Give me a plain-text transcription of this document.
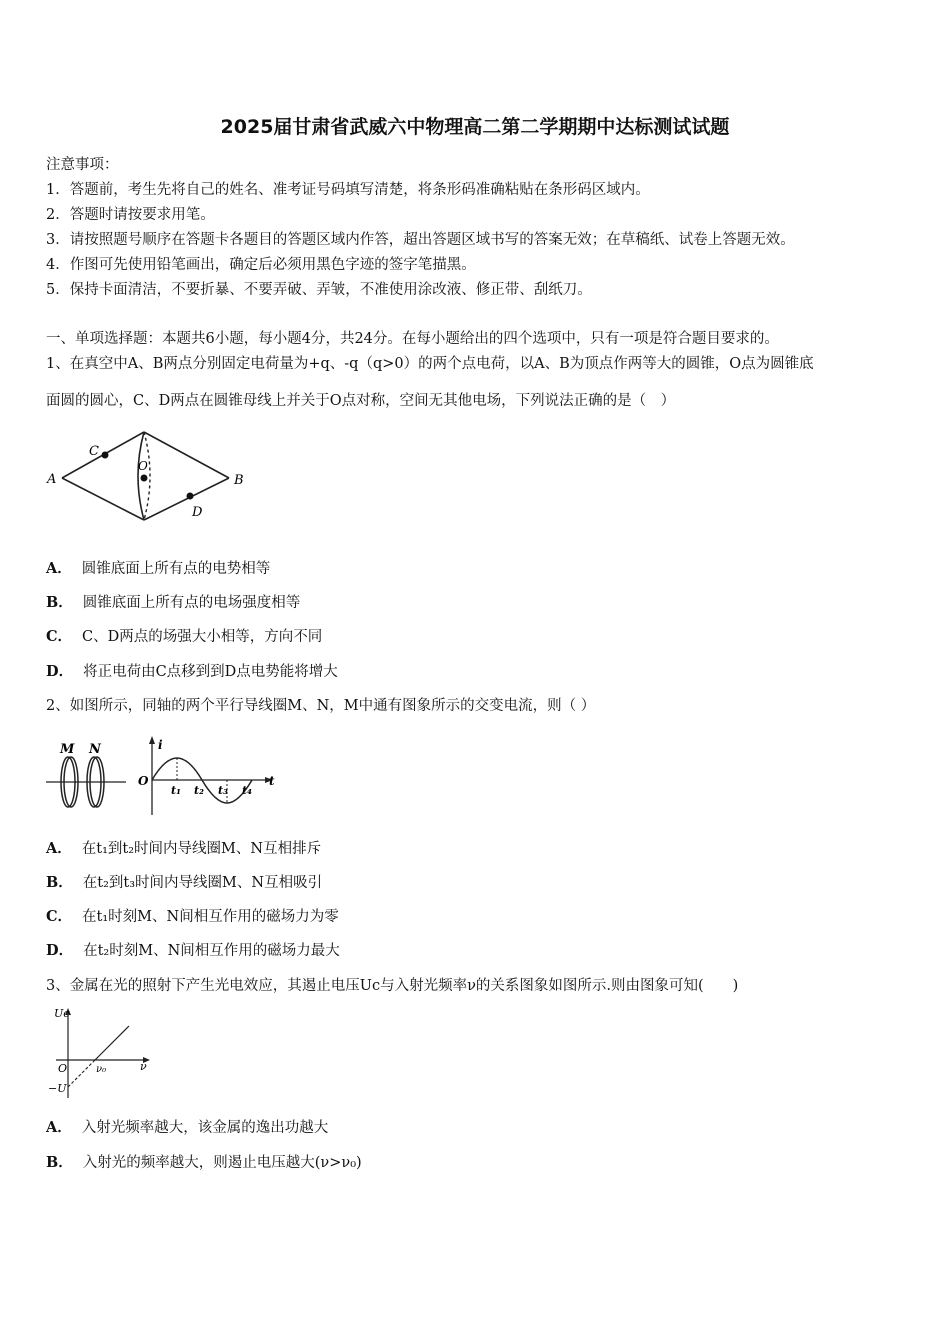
2025届甘肃省武威六中物理高二第二学期期中达标测试试题
注意事项：
1．答题前，考生先将自己的姓名、准考证号码填写清楚，将条形码准确粘贴在条形码区域内。
2．答题时请按要求用笔。
3．请按照题号顺序在答题卡各题目的答题区域内作答，超出答题区域书写的答案无效；在草稿纸、试卷上答题无效。
4．作图可先使用铅笔画出，确定后必须用黑色字迹的签字笔描黑。
5．保持卡面清洁，不要折暴、不要弄破、弄皱，不准使用涂改液、修正带、刮纸刀。
一、单项选择题：本题共6小题，每小题4分，共24分。在每小题给出的四个选项中，只有一项是符合题目要求的。
1、在真空中A、B两点分别固定电荷量为+q、-q（q>0）的两个点电荷，以A、B为顶点作两等大的圆锥，O点为圆锥底
面圆的圆心，C、D两点在圆锥母线上并关于O点对称，空间无其他电场，下列说法正确的是（　）
A	B
C
D
O
A． 圆锥底面上所有点的电势相等
B． 圆锥底面上所有点的电场强度相等
C． C、D两点的场强大小相等，方向不同
D． 将正电荷由C点移到到D点电势能将增大
2、如图所示，同轴的两个平行导线圈M、N，M中通有图象所示的交变电流，则（ ）
M N	i
O	t
t₁ t₂ t₃ t₄
A． 在t₁到t₂时间内导线圈M、N互相排斥
B． 在t₂到t₃时间内导线圈M、N互相吸引
C． 在t₁时刻M、N间相互作用的磁场力为零
D． 在t₂时刻M、N间相互作用的磁场力最大
3、金属在光的照射下产生光电效应，其遏止电压Uc与入射光频率ν的关系图象如图所示.则由图象可知(　　)
Uc
O	ν₀	ν
−U
A． 入射光频率越大，该金属的逸出功越大
B． 入射光的频率越大，则遏止电压越大(ν>ν₀)
